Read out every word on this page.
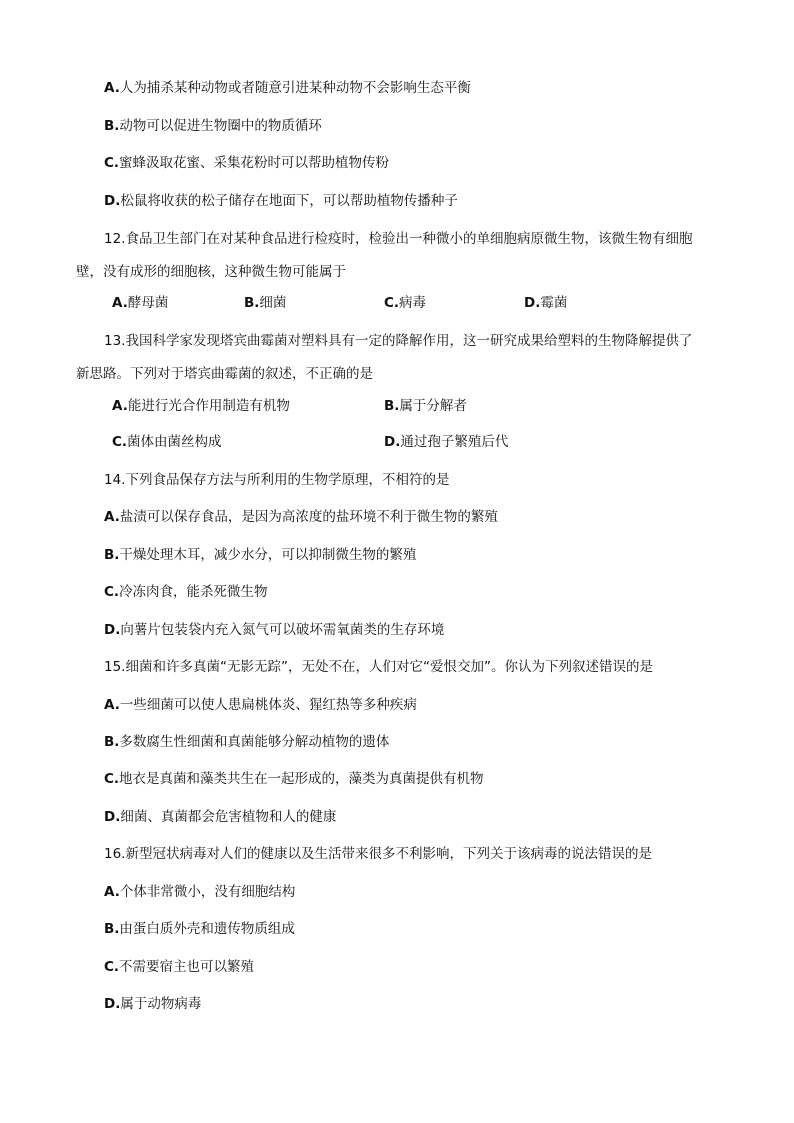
A.人为捕杀某种动物或者随意引进某种动物不会影响生态平衡
B.动物可以促进生物圈中的物质循环
C.蜜蜂汲取花蜜、采集花粉时可以帮助植物传粉
D.松鼠将收获的松子储存在地面下，可以帮助植物传播种子
12.食品卫生部门在对某种食品进行检疫时，检验出一种微小的单细胞病原微生物，该微生物有细胞
壁，没有成形的细胞核，这种微生物可能属于
A.酵母菌	B.细菌	C.病毒	D.霉菌
13.我国科学家发现塔宾曲霉菌对塑料具有一定的降解作用，这一研究成果给塑料的生物降解提供了
新思路。下列对于塔宾曲霉菌的叙述，不正确的是
A.能进行光合作用制造有机物	B.属于分解者
C.菌体由菌丝构成	D.通过孢子繁殖后代
14.下列食品保存方法与所利用的生物学原理，不相符的是
A.盐渍可以保存食品，是因为高浓度的盐环境不利于微生物的繁殖
B.干燥处理木耳，减少水分，可以抑制微生物的繁殖
C.冷冻肉食，能杀死微生物
D.向薯片包装袋内充入氮气可以破坏需氧菌类的生存环境
15.细菌和许多真菌“无影无踪”，无处不在，人们对它“爱恨交加”。你认为下列叙述错误的是
A.一些细菌可以使人患扁桃体炎、猩红热等多种疾病
B.多数腐生性细菌和真菌能够分解动植物的遗体
C.地衣是真菌和藻类共生在一起形成的，藻类为真菌提供有机物
D.细菌、真菌都会危害植物和人的健康
16.新型冠状病毒对人们的健康以及生活带来很多不利影响，下列关于该病毒的说法错误的是
A.个体非常微小，没有细胞结构
B.由蛋白质外壳和遗传物质组成
C.不需要宿主也可以繁殖
D.属于动物病毒
